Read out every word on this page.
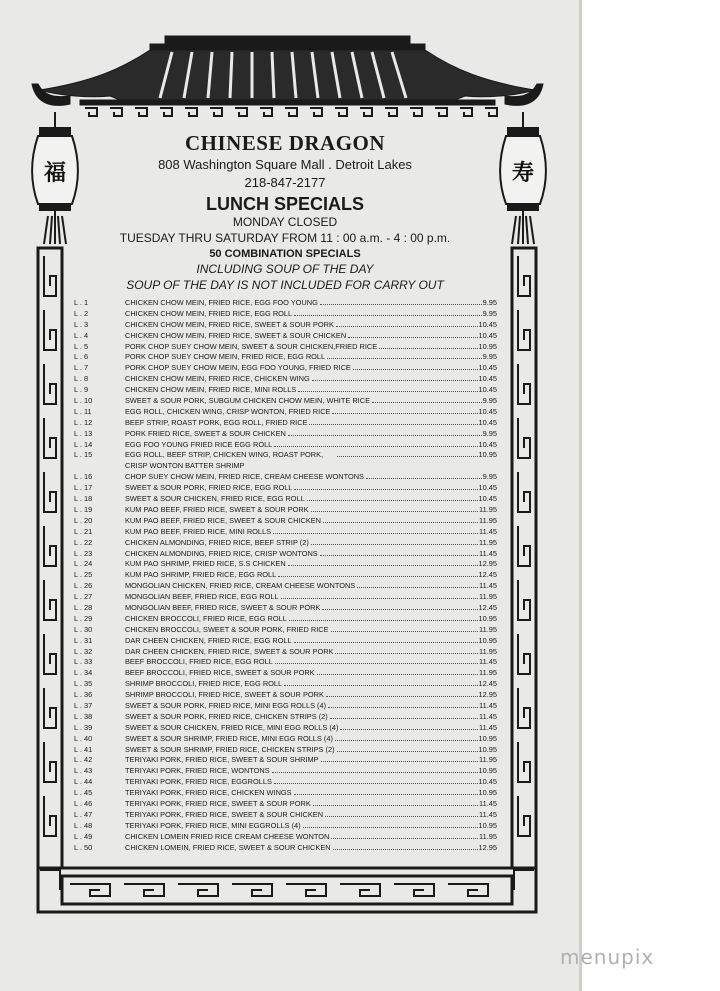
福	寿
CHINESE DRAGON
808 Washington Square Mall . Detroit Lakes
218-847-2177
LUNCH SPECIALS
MONDAY CLOSED
TUESDAY THRU SATURDAY FROM 11 : 00 a.m. - 4 : 00 p.m.
50 COMBINATION SPECIALS
INCLUDING SOUP OF THE DAY
SOUP OF THE DAY IS NOT INCLUDED FOR CARRY OUT
L . 1	CHICKEN CHOW MEIN, FRIED RICE, EGG FOO YOUNG	9.95
L . 2	CHICKEN CHOW MEIN, FRIED RICE, EGG ROLL	9.95
L . 3	CHICKEN CHOW MEIN, FRIED RICE, SWEET & SOUR PORK	10.45
L . 4	CHICKEN CHOW MEIN, FRIED RICE, SWEET & SOUR CHICKEN	10.45
L . 5	PORK CHOP SUEY CHOW MEIN, SWEET & SOUR CHICKEN,FRIED RICE	10.95
L . 6	PORK CHOP SUEY CHOW MEIN, FRIED RICE, EGG ROLL	9.95
L . 7	PORK CHOP SUEY CHOW MEIN, EGG FOO YOUNG, FRIED RICE	10.45
L . 8	CHICKEN CHOW MEIN, FRIED RICE, CHICKEN WING	10.45
L . 9	CHICKEN CHOW MEIN, FRIED RICE, MINI ROLLS	10.45
L . 10	SWEET & SOUR PORK, SUBGUM CHICKEN CHOW MEIN, WHITE RICE	9.95
L . 11	EGG ROLL, CHICKEN WING, CRISP WONTON, FRIED RICE	10.45
L . 12	BEEF STRIP, ROAST PORK, EGG ROLL, FRIED RICE	10.45
L . 13	PORK FRIED RICE, SWEET & SOUR CHICKEN	9.95
L . 14	EGG FOO YOUNG FRIED RICE EGG ROLL	10.45
L . 15	EGG ROLL, BEEF STRIP, CHICKEN WING, ROAST PORK,
CRISP WONTON BATTER SHRIMP
10.95
L . 16	CHOP SUEY CHOW MEIN, FRIED RICE, CREAM CHEESE WONTONS	9.95
L . 17	SWEET & SOUR PORK, FRIED RICE, EGG ROLL	10.45
L . 18	SWEET & SOUR CHICKEN, FRIED RICE, EGG ROLL	10.45
L . 19	KUM PAO BEEF, FRIED RICE, SWEET & SOUR PORK	11.95
L . 20	KUM PAO BEEF, FRIED RICE, SWEET & SOUR CHICKEN	11.95
L . 21	KUM PAO BEEF, FRIED RICE, MINI ROLLS	11.45
L . 22	CHICKEN ALMONDING, FRIED RICE, BEEF STRIP (2)	11.95
L . 23	CHICKEN ALMONDING, FRIED RICE, CRISP WONTONS	11.45
L . 24	KUM PAO SHRIMP, FRIED RICE, S.S CHICKEN	12.95
L . 25	KUM PAO SHRIMP, FRIED RICE, EGG ROLL	12.45
L . 26	MONGOLIAN CHICKEN, FRIED RICE, CREAM CHEESE WONTONS	11.45
L . 27	MONGOLIAN BEEF, FRIED RICE, EGG ROLL	11.95
L . 28	MONGOLIAN BEEF, FRIED RICE, SWEET & SOUR PORK	12.45
L . 29	CHICKEN BROCCOLI, FRIED RICE, EGG ROLL	10.95
L . 30	CHICKEN BROCCOLI, SWEET & SOUR PORK, FRIED RICE	11.95
L . 31	DAR CHEEN CHICKEN, FRIED RICE, EGG ROLL	10.95
L . 32	DAR CHEEN CHICKEN, FRIED RICE, SWEET & SOUR PORK	11.95
L . 33	BEEF BROCCOLI, FRIED RICE, EGG ROLL	11.45
L . 34	BEEF BROCCOLI, FRIED RICE, SWEET & SOUR PORK	11.95
L . 35	SHRIMP BROCCOLI, FRIED RICE, EGG ROLL	12.45
L . 36	SHRIMP BROCCOLI, FRIED RICE, SWEET & SOUR PORK	12.95
L . 37	SWEET & SOUR PORK, FRIED RICE, MINI EGG ROLLS (4)	11.45
L . 38	SWEET & SOUR PORK, FRIED RICE, CHICKEN STRIPS (2)	11.45
L . 39	SWEET & SOUR CHICKEN, FRIED RICE, MINI EGG ROLLS (4)	11.45
L . 40	SWEET & SOUR SHRIMP, FRIED RICE, MINI EGG ROLLS (4)	10.95
L . 41	SWEET & SOUR SHRIMP, FRIED RICE, CHICKEN STRIPS (2)	10.95
L . 42	TERIYAKI PORK, FRIED RICE, SWEET & SOUR SHRIMP	11.95
L . 43	TERIYAKI PORK, FRIED RICE, WONTONS	10.95
L . 44	TERIYAKI PORK, FRIED RICE, EGGROLLS	10.45
L . 45	TERIYAKI PORK, FRIED RICE, CHICKEN WINGS	10.95
L . 46	TERIYAKI PORK, FRIED RICE, SWEET & SOUR PORK	11.45
L . 47	TERIYAKI PORK, FRIED RICE, SWEET & SOUR CHICKEN	11.45
L . 48	TERIYAKI PORK, FRIED RICE, MINI EGGROLLS (4)	10.95
L . 49	CHICKEN LOMEIN FRIED RICE CREAM CHEESE WONTON	11.95
L . 50	CHICKEN LOMEIN, FRIED RICE, SWEET & SOUR CHICKEN	12.95
menupix
